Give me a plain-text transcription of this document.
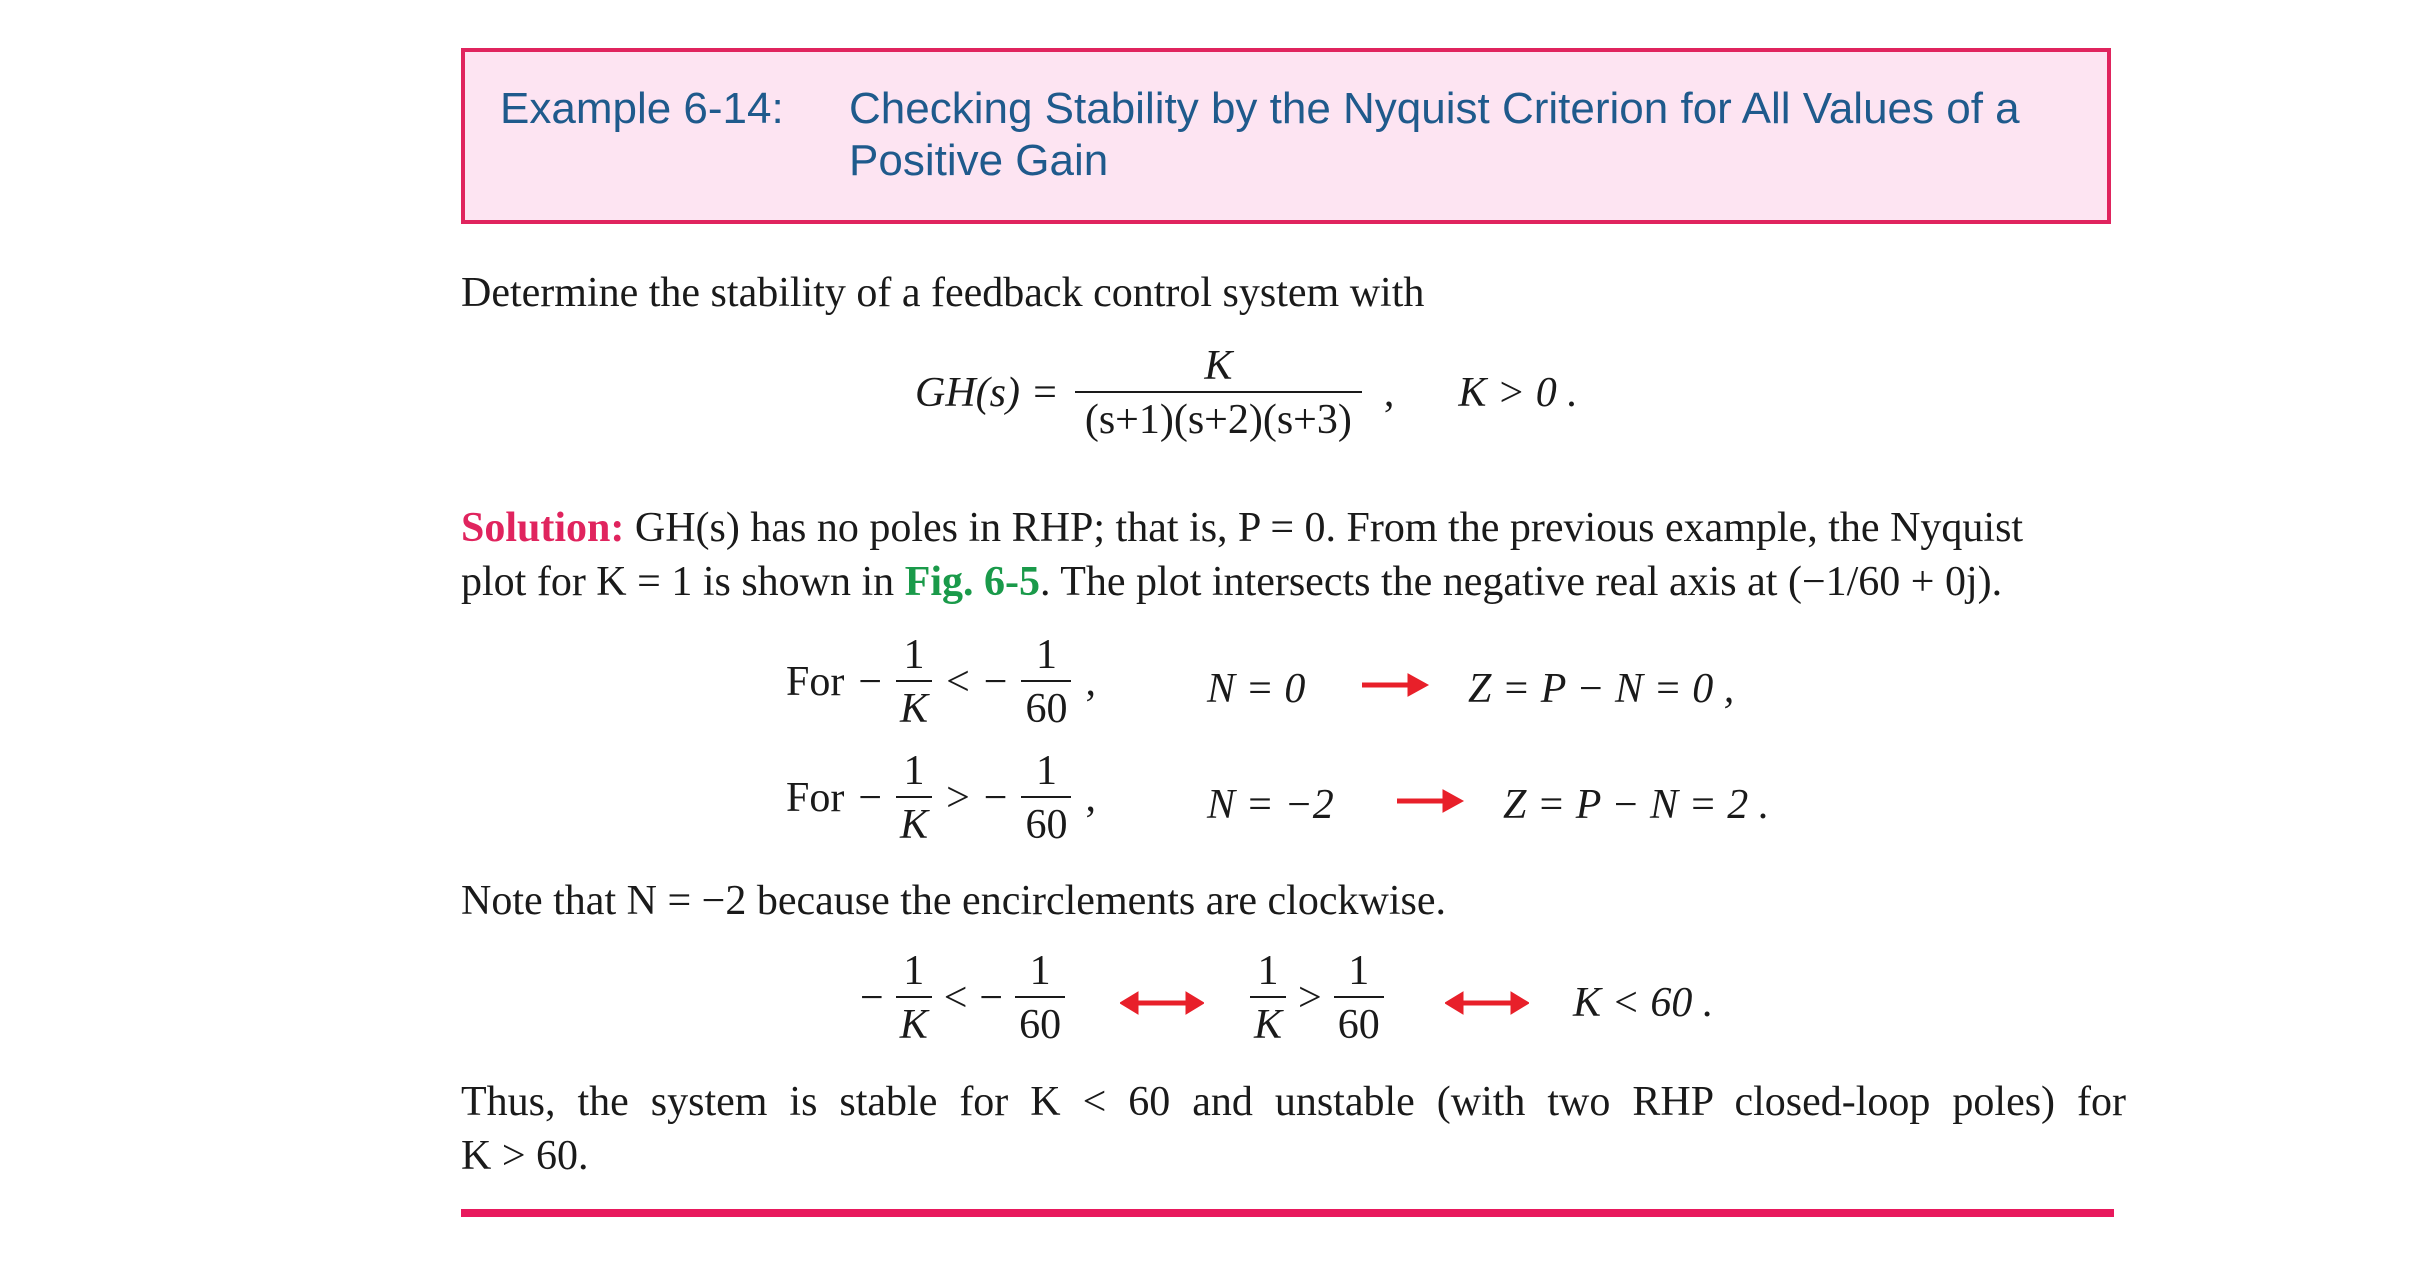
Example 6-14: Checking Stability by the Nyquist Criterion for All Values of a
Positive Gain
Determine the stability of a feedback control system with
$GH(s) = \frac{K}{(s+1)(s+2)(s+3)}$ , K > 0 .
Solution: GH(s) has no poles in RHP; that is, P = 0. From the previous example, the Nyquist
plot for K = 1 is shown in Fig. 6-5. The plot intersects the negative real axis at (−1/60 + 0j).
For − $\frac{1}{K}$ < − $\frac{1}{60}$ ,	N = 0	Z = P − N = 0 ,
For − $\frac{1}{K}$ > − $\frac{1}{60}$ ,	N = −2	Z = P − N = 2 .
Note that N = −2 because the encirclements are clockwise.
− $\frac{1}{K}$ < − $\frac{1}{60}$	$\frac{1}{K} > \frac{1}{60}$	K < 60 .
Thus, the system is stable for K < 60 and unstable (with two RHP closed-loop poles) for
K > 60.
